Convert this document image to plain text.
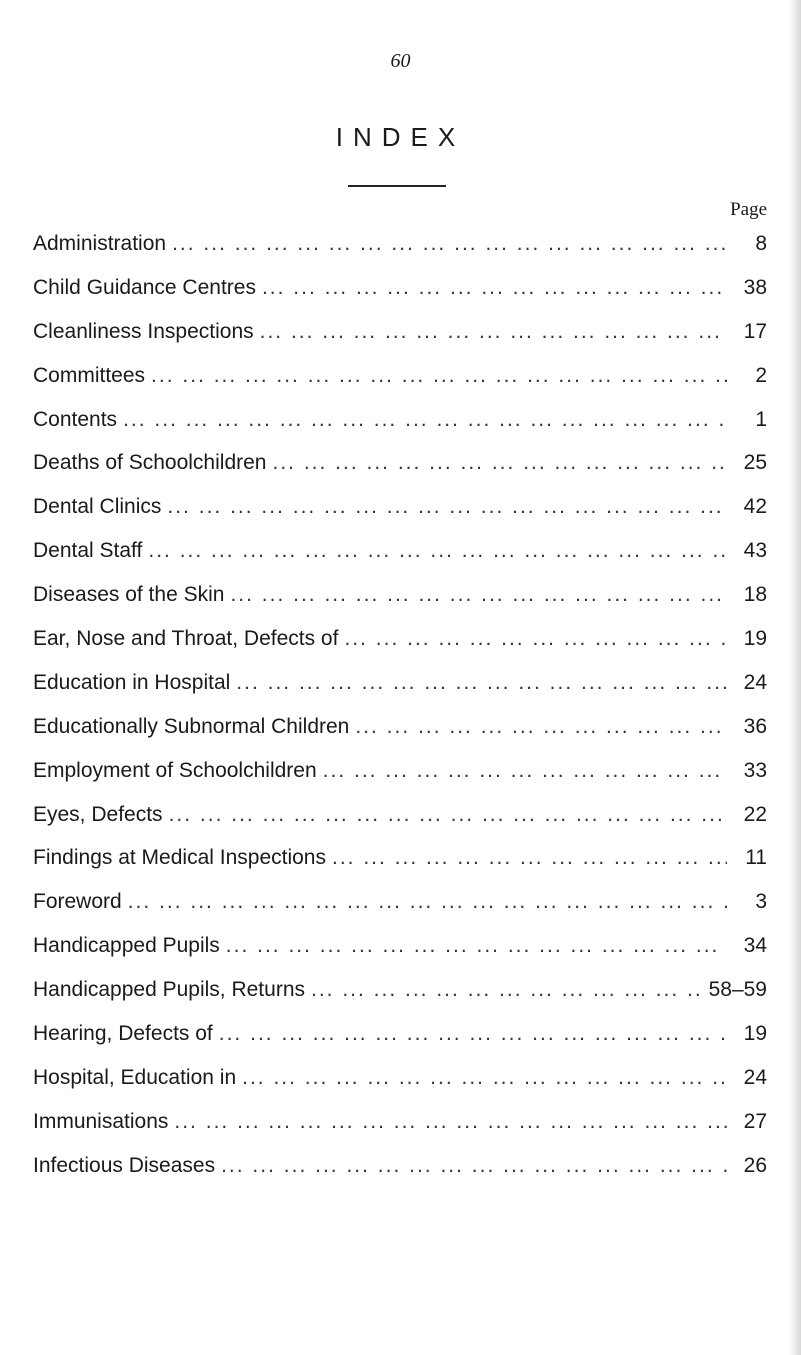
60
INDEX
Page
Administration ... .	8
Child Guidance Centres ... .	38
Cleanliness Inspections ... .	17
Committees ... .	2
Contents ... .	1
Deaths of Schoolchildren ... .	25
Dental Clinics ... .	42
Dental Staff ... .	43
Diseases of the Skin ... .	18
Ear, Nose and Throat, Defects of ... .	19
Education in Hospital ... .	24
Educationally Subnormal Children ... .	36
Employment of Schoolchildren ... .	33
Eyes, Defects ... .	22
Findings at Medical Inspections ... .	11
Foreword ... .	3
Handicapped Pupils ... .	34
Handicapped Pupils, Returns ... .	58–59
Hearing, Defects of ... .	19
Hospital, Education in ... .	24
Immunisations ... .	27
Infectious Diseases ... .	26
